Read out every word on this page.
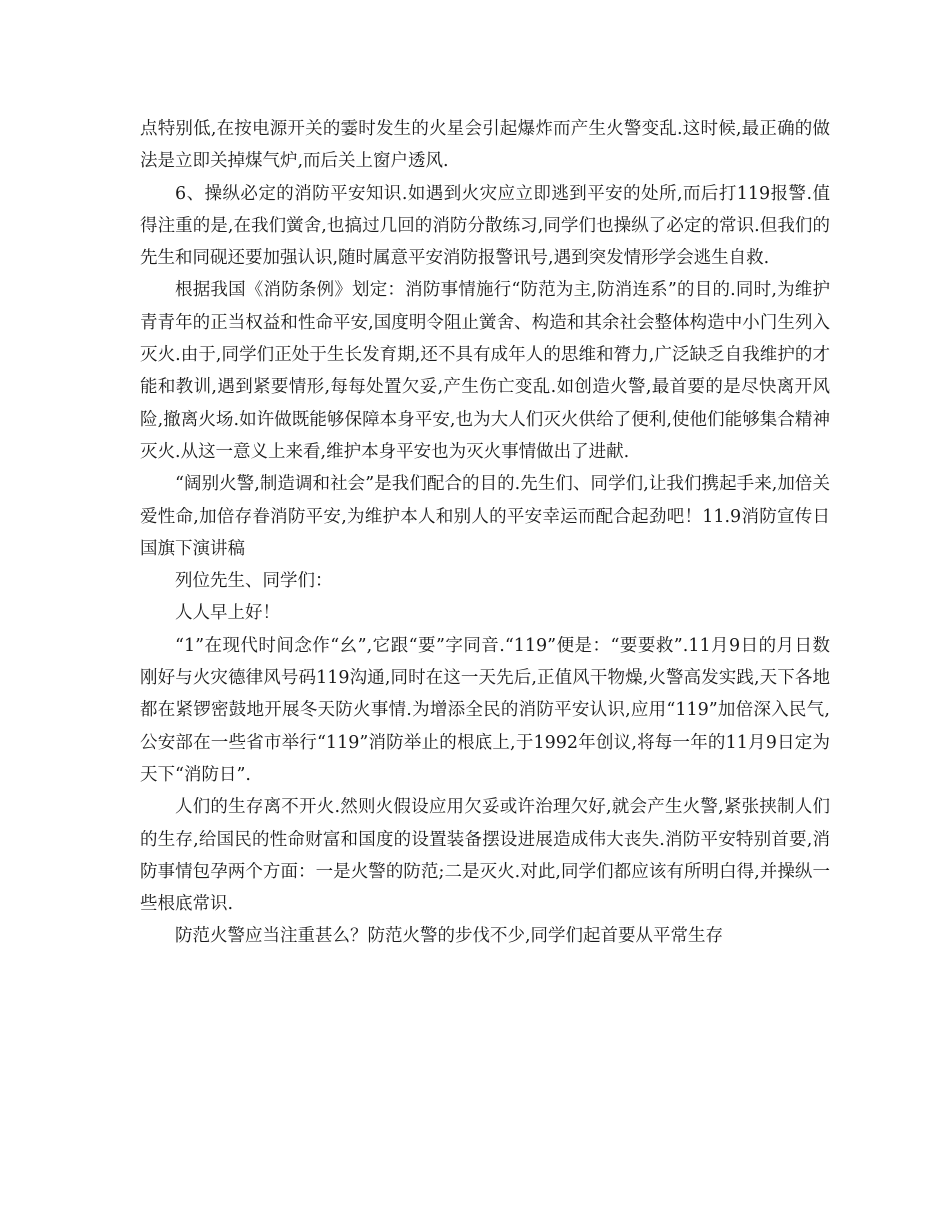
点特别低,在按电源开关的霎时发生的火星会引起爆炸而产生火警变乱.这时候,最正确的做法是立即关掉煤气炉,而后关上窗户透风.

6、操纵必定的消防平安知识.如遇到火灾应立即逃到平安的处所,而后打119报警.值得注重的是,在我们黉舍,也搞过几回的消防分散练习,同学们也操纵了必定的常识.但我们的先生和同砚还要加强认识,随时属意平安消防报警讯号,遇到突发情形学会逃生自救.

根据我国《消防条例》划定：消防事情施行“防范为主,防消连系”的目的.同时,为维护青青年的正当权益和性命平安,国度明令阻止黉舍、构造和其余社会整体构造中小门生列入灭火.由于,同学们正处于生长发育期,还不具有成年人的思维和膂力,广泛缺乏自我维护的才能和教训,遇到紧要情形,每每处置欠妥,产生伤亡变乱.如创造火警,最首要的是尽快离开风险,撤离火场.如许做既能够保障本身平安,也为大人们灭火供给了便利,使他们能够集合精神灭火.从这一意义上来看,维护本身平安也为灭火事情做出了进献.

“阔别火警,制造调和社会”是我们配合的目的.先生们、同学们,让我们携起手来,加倍关爱性命,加倍存眷消防平安,为维护本人和别人的平安幸运而配合起劲吧！11.9消防宣传日国旗下演讲稿

列位先生、同学们：

人人早上好！

“1”在现代时间念作“幺”,它跟“要”字同音.“119”便是：“要要救”.11月9日的月日数刚好与火灾德律风号码119沟通,同时在这一天先后,正值风干物燥,火警高发实践,天下各地都在紧锣密鼓地开展冬天防火事情.为增添全民的消防平安认识,应用“119”加倍深入民气,公安部在一些省市举行“119”消防举止的根底上,于1992年创议,将每一年的11月9日定为天下“消防日”.

人们的生存离不开火.然则火假设应用欠妥或许治理欠好,就会产生火警,紧张挟制人们的生存,给国民的性命财富和国度的设置装备摆设进展造成伟大丧失.消防平安特别首要,消防事情包孕两个方面：一是火警的防范;二是灭火.对此,同学们都应该有所明白得,并操纵一些根底常识.

防范火警应当注重甚么？防范火警的步伐不少,同学们起首要从平常生存
